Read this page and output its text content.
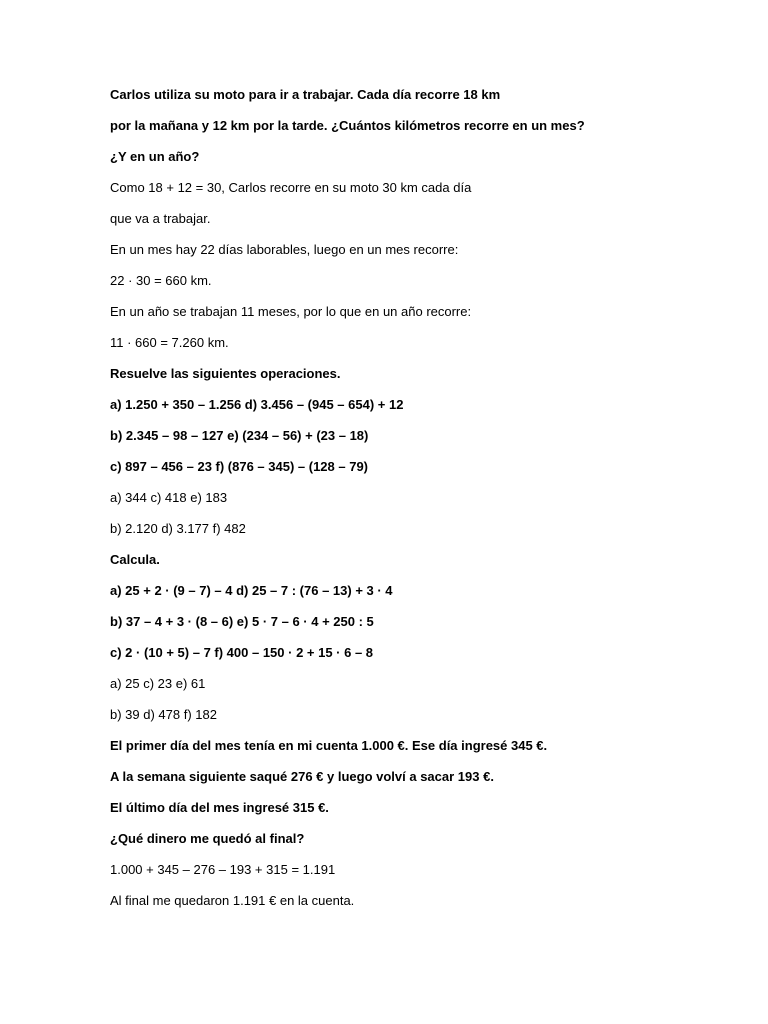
Carlos utiliza su moto para ir a trabajar. Cada día recorre 18 km
por la mañana y 12 km por la tarde. ¿Cuántos kilómetros recorre en un mes?
¿Y en un año?
Como 18 + 12 = 30, Carlos recorre en su moto 30 km cada día
que va a trabajar.
En un mes hay 22 días laborables, luego en un mes recorre:
22 · 30 = 660 km.
En un año se trabajan 11 meses, por lo que en un año recorre:
11 · 660 = 7.260 km.
Resuelve las siguientes operaciones.
a) 1.250 + 350 – 1.256 d) 3.456 – (945 – 654) + 12
b) 2.345 – 98 – 127 e) (234 – 56) + (23 – 18)
c) 897 – 456 – 23 f) (876 – 345) – (128 – 79)
a) 344 c) 418 e) 183
b) 2.120 d) 3.177 f) 482
Calcula.
a) 25 + 2 · (9 – 7) – 4 d) 25 – 7 : (76 – 13) + 3 · 4
b) 37 – 4 + 3 · (8 – 6) e) 5 · 7 – 6 · 4 + 250 : 5
c) 2 · (10 + 5) – 7 f) 400 – 150 · 2 + 15 · 6 – 8
a) 25 c) 23 e) 61
b) 39 d) 478 f) 182
El primer día del mes tenía en mi cuenta 1.000 €. Ese día ingresé 345 €.
A la semana siguiente saqué 276 € y luego volví a sacar 193 €.
El último día del mes ingresé 315 €.
¿Qué dinero me quedó al final?
1.000 + 345 – 276 – 193 + 315 = 1.191
Al final me quedaron 1.191 € en la cuenta.
